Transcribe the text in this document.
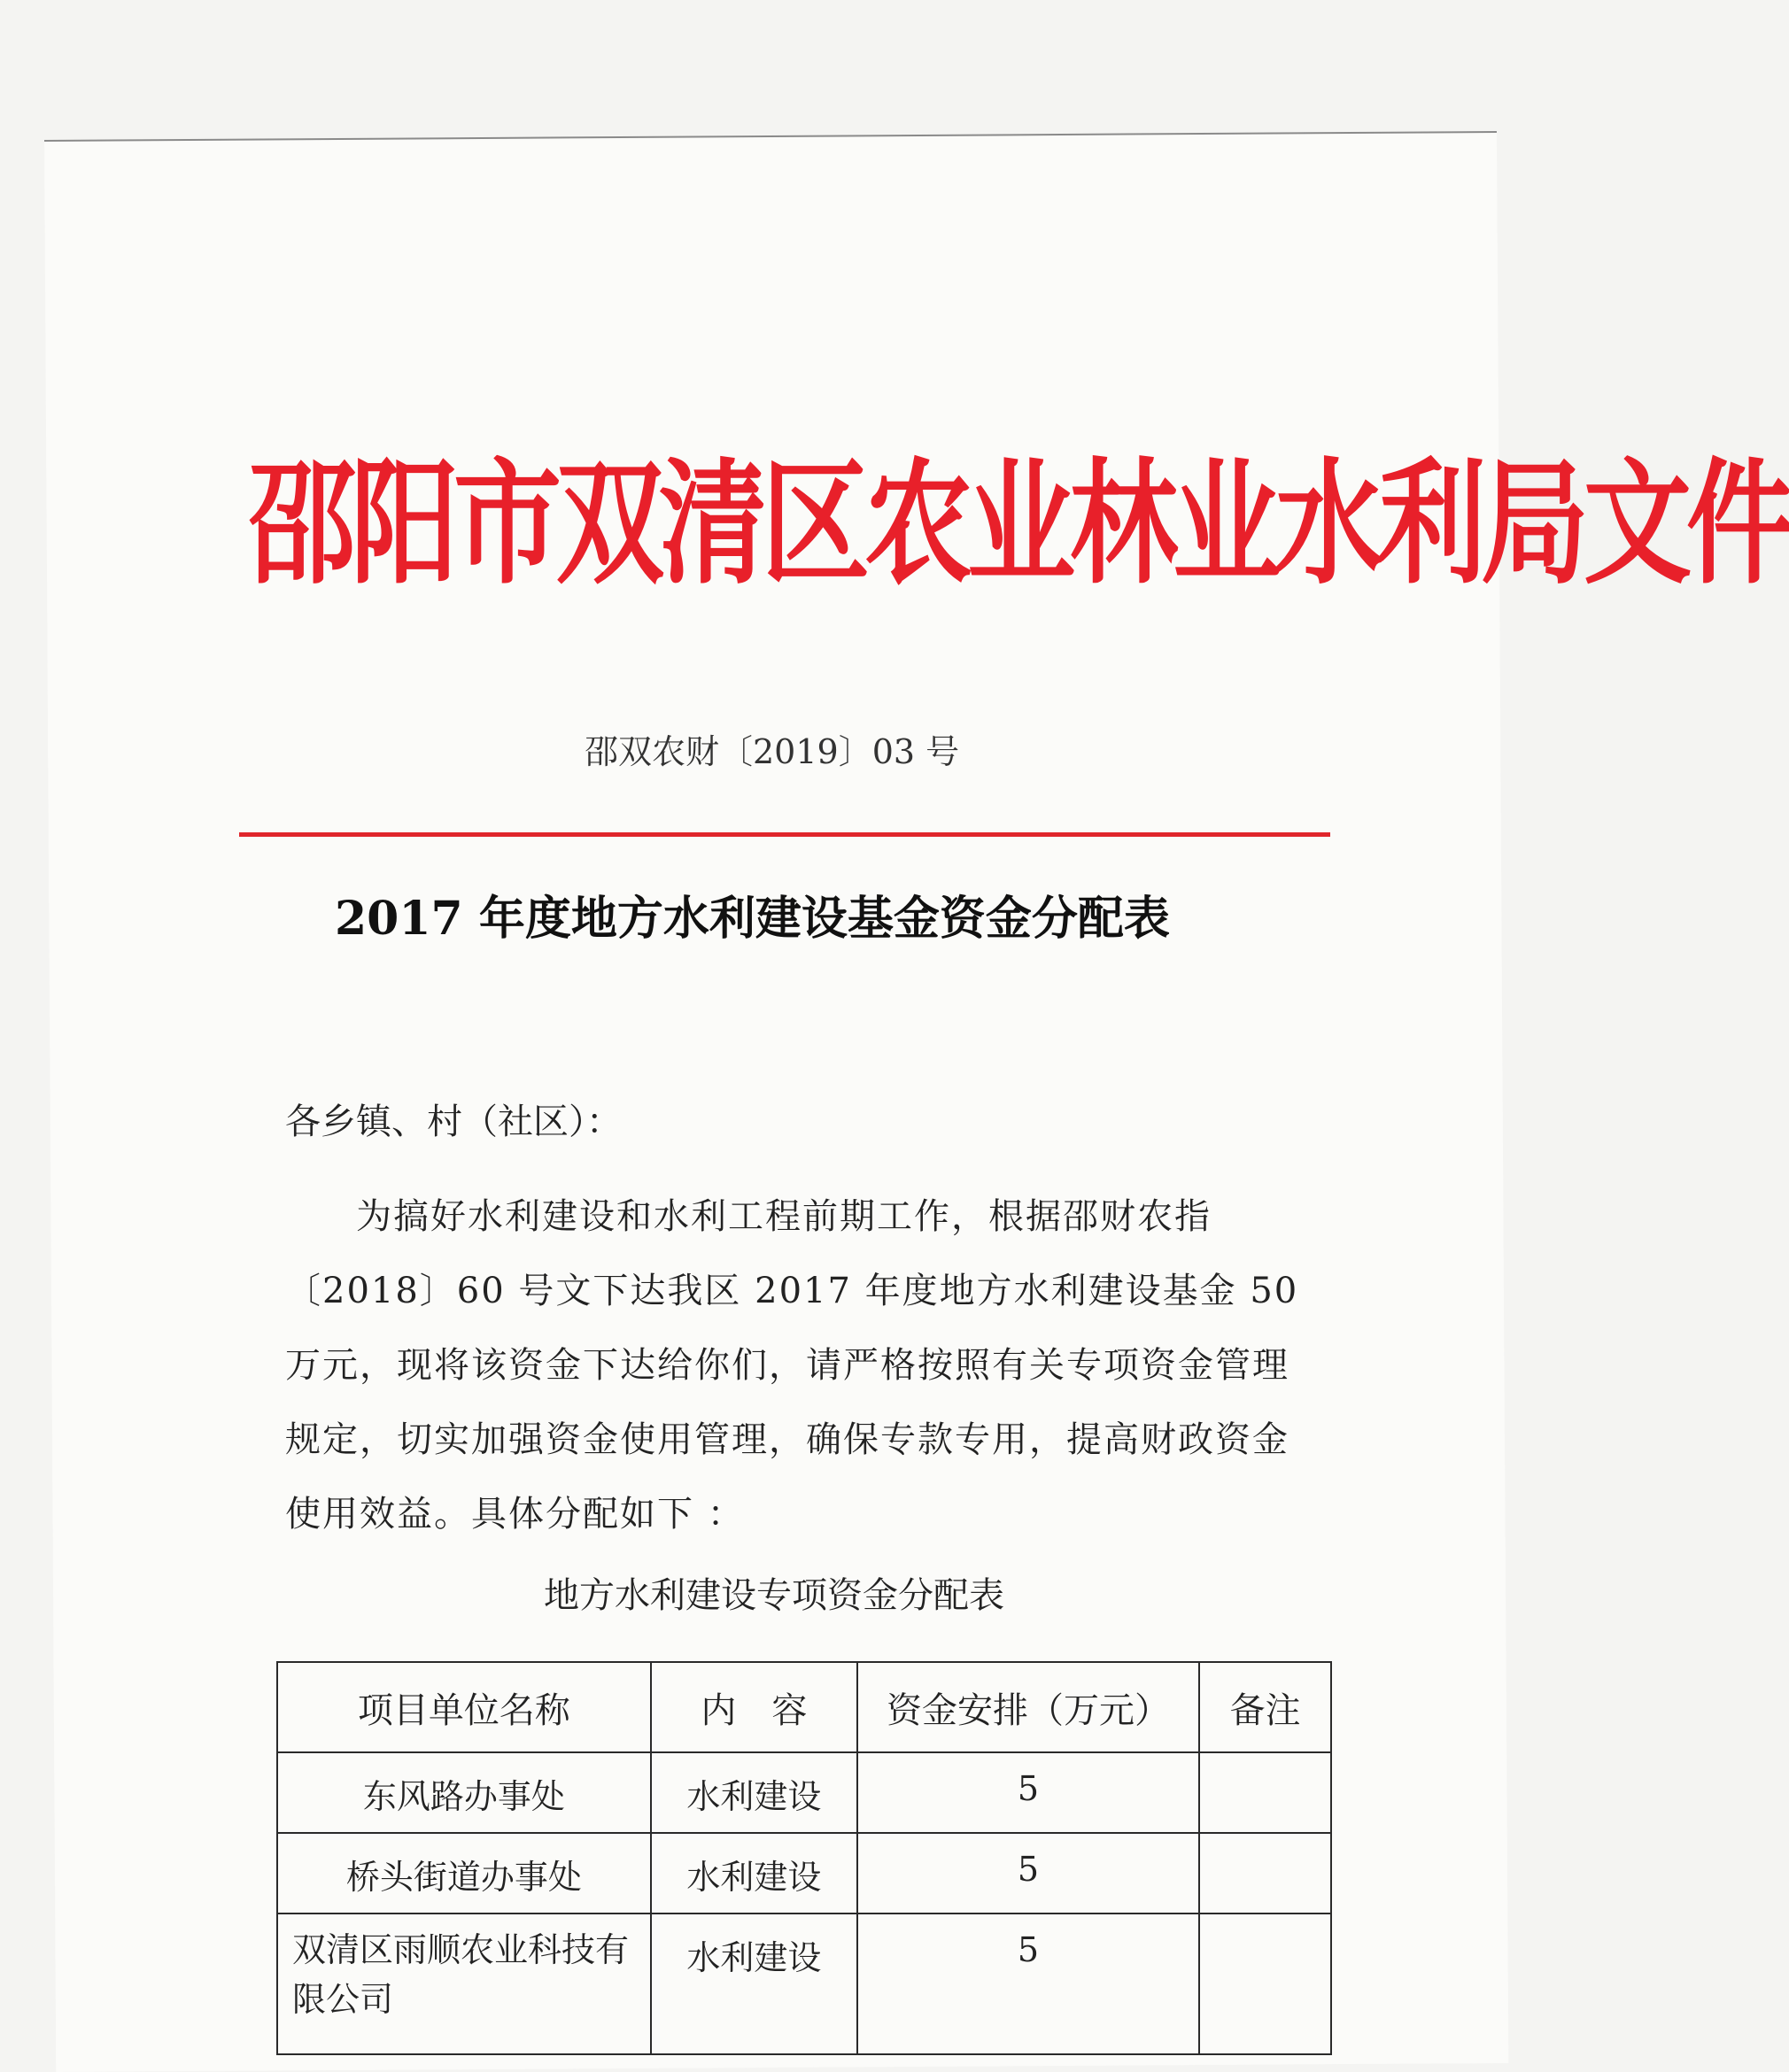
邵阳市双清区农业林业水利局文件
邵双农财〔2019〕03 号
2017 年度地方水利建设基金资金分配表
各乡镇、村（社区）：

为搞好水利建设和水利工程前期工作，根据邵财农指〔2018〕60 号文下达我区 2017 年度地方水利建设基金 50 万元，现将该资金下达给你们，请严格按照有关专项资金管理规定，切实加强资金使用管理，确保专款专用，提高财政资金使用效益。具体分配如下 ：

地方水利建设专项资金分配表
项目单位名称	内　容	资金安排（万元）	备注
东风路办事处	水利建设	5	
桥头街道办事处	水利建设	5	
双清区雨顺农业科技有限公司	水利建设	5	
